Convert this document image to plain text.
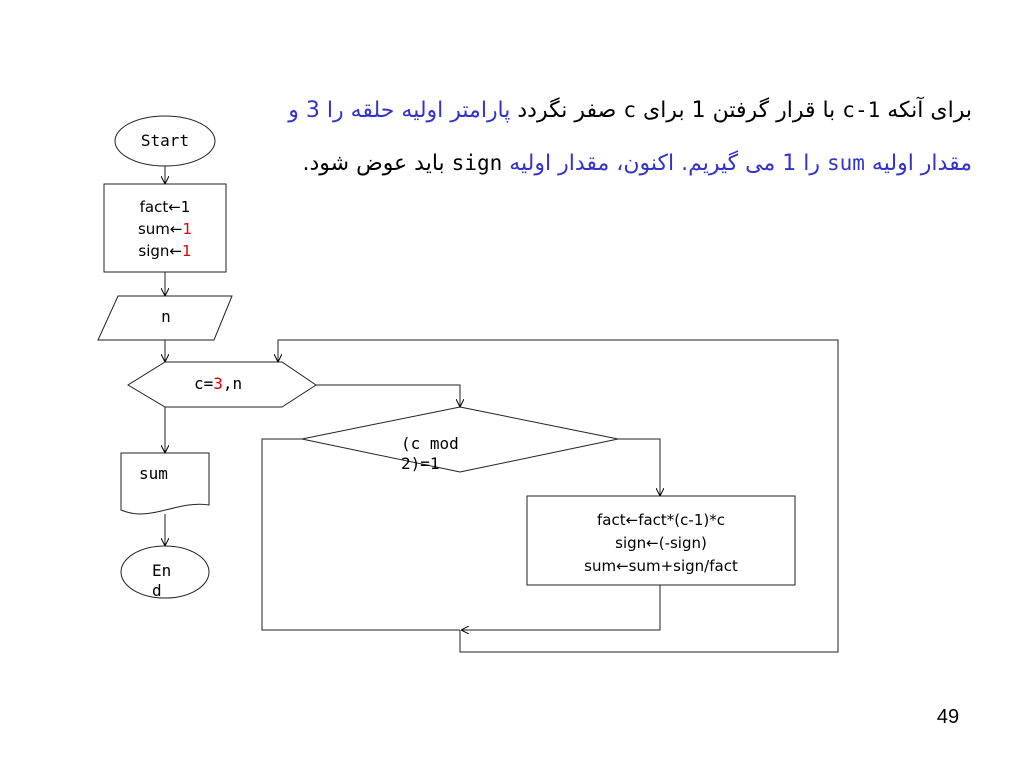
Start
fact←1
sum←1
sign←1
n
c=3,n
(c mod
2)=1
fact←fact*(c-1)*c
sign←(-sign)
sum←sum+sign/fact
sum
En
d
برای آنکه c-1 با قرار گرفتن 1 برای c صفر نگردد پارامتر اولیه حلقه را 3 و مقدار اولیه sum را 1 می گیریم. اکنون، مقدار اولیه sign باید عوض شود.
49
